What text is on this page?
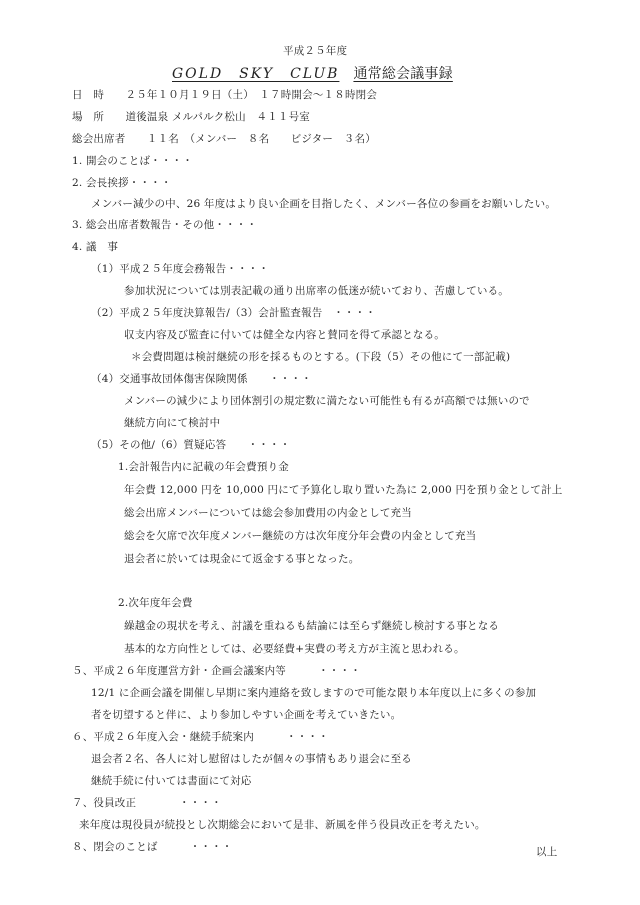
平成２５年度
GOLD　SKY　CLUB 通常総会議事録
日　時　　２５年１０月１９日（土）　１７時開会～１８時閉会
場　所　　道後温泉 メルパルク松山　４１１号室
総会出席者　　１１名　（メンバー　８名　　ビジター　３名）
1. 開会のことば・・・・
2. 会長挨拶・・・・
メンバー減少の中、26 年度はより良い企画を目指したく、メンバー各位の参画をお願いしたい。
3. 総会出席者数報告・その他・・・・
4. 議　事
（1）平成２５年度会務報告・・・・
参加状況については別表記載の通り出席率の低迷が続いており、苦慮している。
（2）平成２５年度決算報告/（3）会計監査報告　・・・・
収支内容及び監査に付いては健全な内容と賛同を得て承認となる。
＊会費問題は検討継続の形を採るものとする。(下段（5）その他にて一部記載)
（4）交通事故団体傷害保険関係　　・・・・
メンバーの減少により団体割引の規定数に満たない可能性も有るが高額では無いので
継続方向にて検討中
（5）その他/（6）質疑応答　　・・・・
1.会計報告内に記載の年会費預り金
年会費 12,000 円を 10,000 円にて予算化し取り置いた為に 2,000 円を預り金として計上
総会出席メンバーについては総会参加費用の内金として充当
総会を欠席で次年度メンバー継続の方は次年度分年会費の内金として充当
退会者に於いては現金にて返金する事となった。
2.次年度年会費
繰越金の現状を考え、討議を重ねるも結論には至らず継続し検討する事となる
基本的な方向性としては、必要経費+実費の考え方が主流と思われる。
５、平成２６年度運営方針・企画会議案内等　　　・・・・
12/1 に企画会議を開催し早期に案内連絡を致しますので可能な限り本年度以上に多くの参加
者を切望すると伴に、より参加しやすい企画を考えていきたい。
６、平成２６年度入会・継続手続案内　　　・・・・
退会者２名、各人に対し慰留はしたが個々の事情もあり退会に至る
継続手続に付いては書面にて対応
７、役員改正　　　　・・・・
来年度は現役員が続投とし次期総会において是非、新風を伴う役員改正を考えたい。
８、閉会のことば　　　・・・・	以上
